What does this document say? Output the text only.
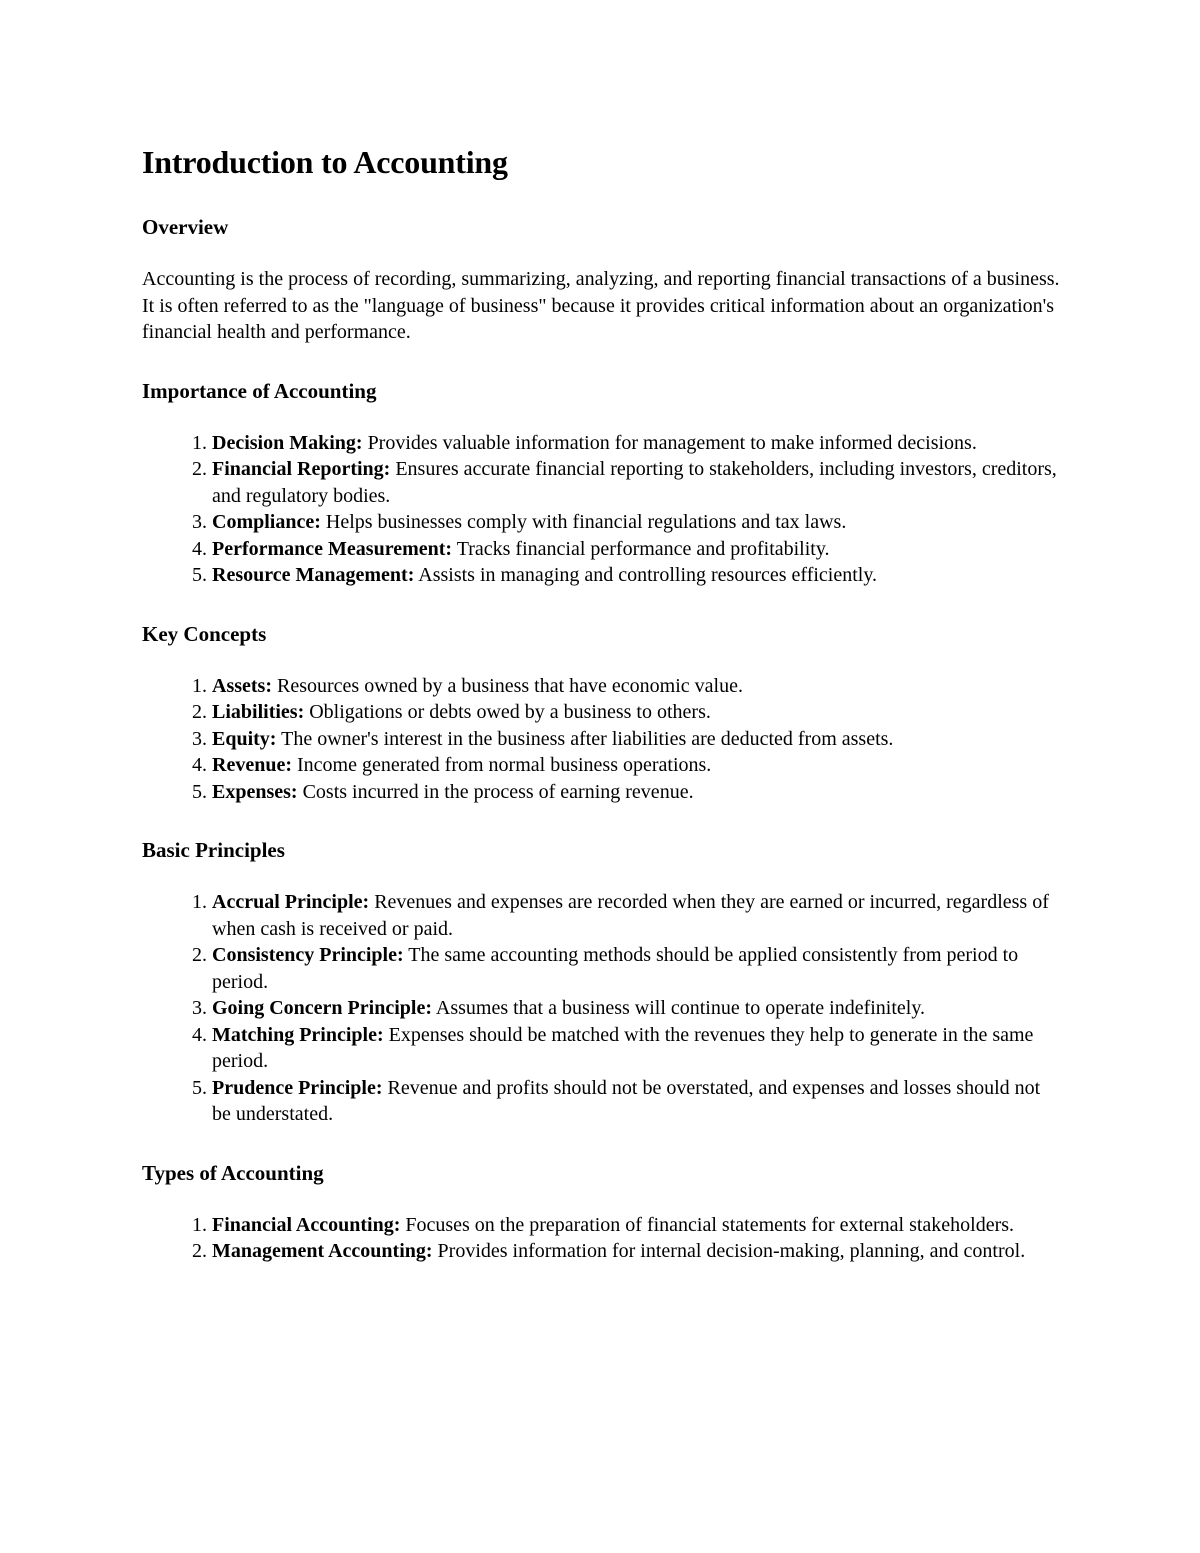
Introduction to Accounting
Overview

Accounting is the process of recording, summarizing, analyzing, and reporting financial transactions of a business. It is often referred to as the "language of business" because it provides critical information about an organization's financial health and performance.

Importance of Accounting
1. Decision Making: Provides valuable information for management to make informed decisions.
2. Financial Reporting: Ensures accurate financial reporting to stakeholders, including investors, creditors, and regulatory bodies.
3. Compliance: Helps businesses comply with financial regulations and tax laws.
4. Performance Measurement: Tracks financial performance and profitability.
5. Resource Management: Assists in managing and controlling resources efficiently.
Key Concepts
1. Assets: Resources owned by a business that have economic value.
2. Liabilities: Obligations or debts owed by a business to others.
3. Equity: The owner's interest in the business after liabilities are deducted from assets.
4. Revenue: Income generated from normal business operations.
5. Expenses: Costs incurred in the process of earning revenue.
Basic Principles
1. Accrual Principle: Revenues and expenses are recorded when they are earned or incurred, regardless of when cash is received or paid.
2. Consistency Principle: The same accounting methods should be applied consistently from period to period.
3. Going Concern Principle: Assumes that a business will continue to operate indefinitely.
4. Matching Principle: Expenses should be matched with the revenues they help to generate in the same period.
5. Prudence Principle: Revenue and profits should not be overstated, and expenses and losses should not be understated.
Types of Accounting
1. Financial Accounting: Focuses on the preparation of financial statements for external stakeholders.
2. Management Accounting: Provides information for internal decision-making, planning, and control.
